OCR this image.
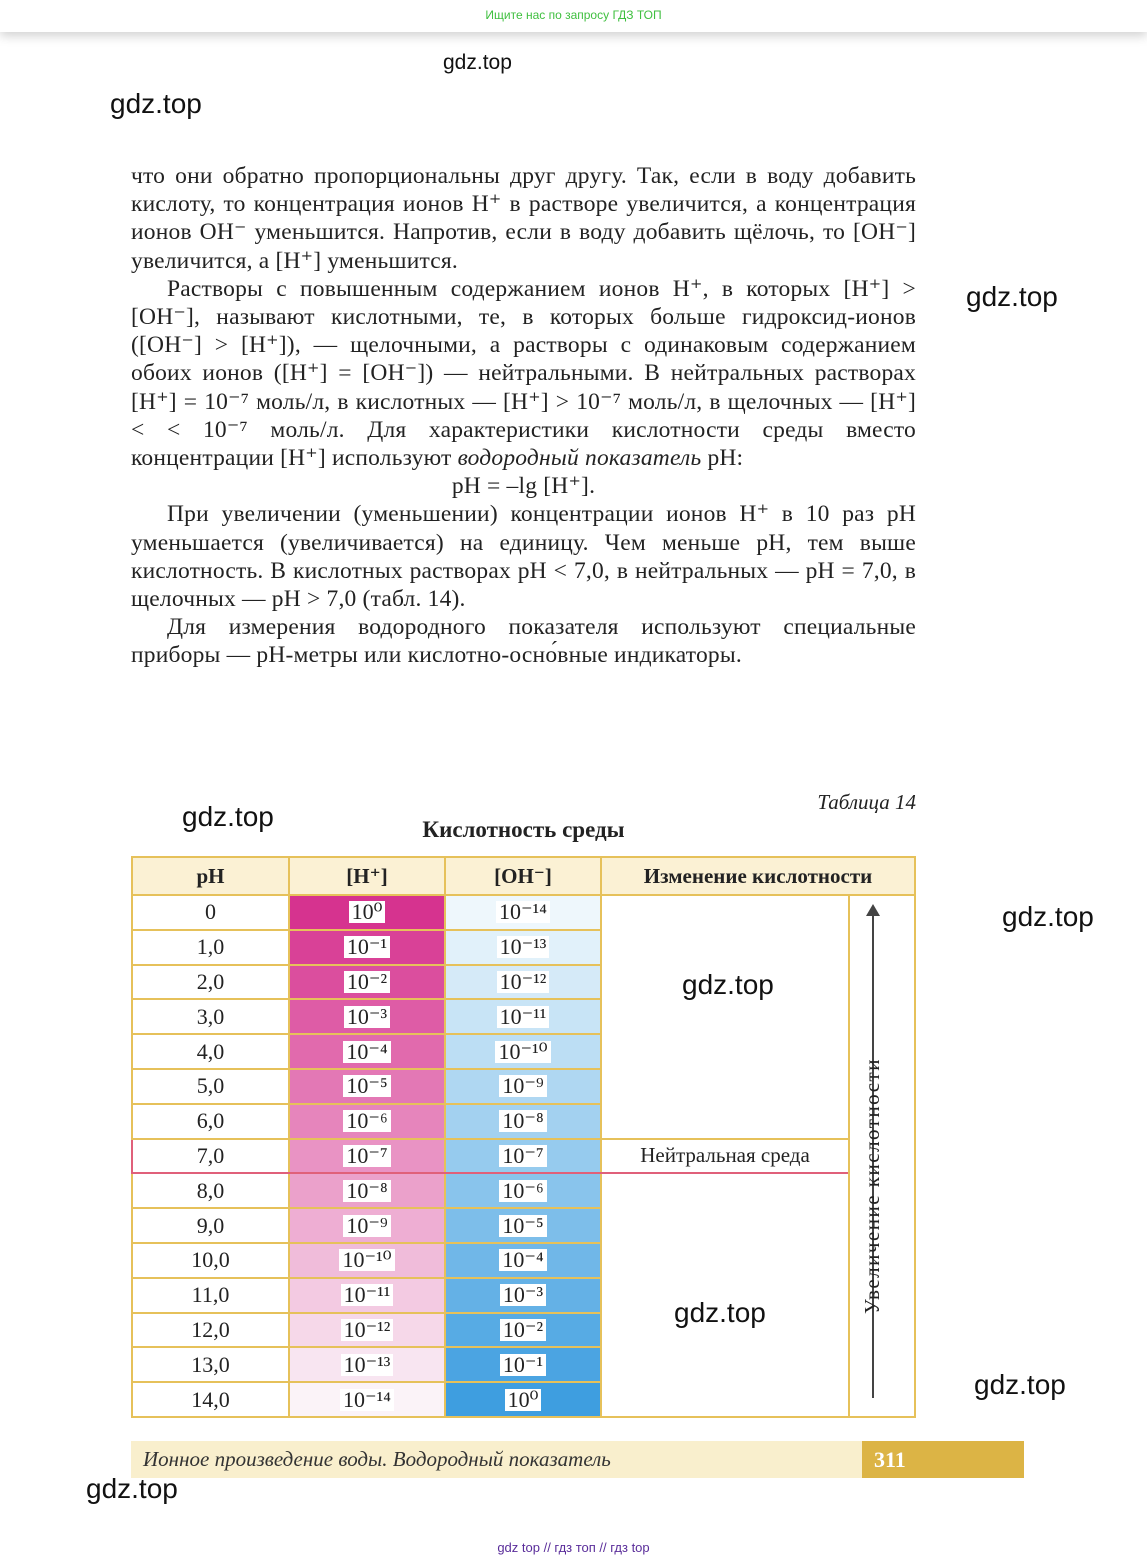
Ищите нас по запросу ГДЗ ТОП
gdz.top
gdz.top
gdz.top
gdz.top
gdz.top
gdz.top
gdz.top
gdz.top
gdz.top

что они обратно пропорциональны друг другу. Так, если в воду добавить кислоту, то концентрация ионов H⁺ в растворе увеличится, а концентрация ионов OH⁻ уменьшится. Напротив, если в воду добавить щёлочь, то [OH⁻] увеличится, а [H⁺] уменьшится.

Растворы с повышенным содержанием ионов H⁺, в которых [H⁺] > [OH⁻], называют кислотными, те, в которых больше гидроксид-ионов ([OH⁻] > [H⁺]), — щелочными, а растворы с одинаковым содержанием обоих ионов ([H⁺] = [OH⁻]) — нейтральными. В нейтральных растворах [H⁺] = 10⁻⁷ моль/л, в кислотных — [H⁺] > 10⁻⁷ моль/л, в щелочных — [H⁺] < < 10⁻⁷ моль/л. Для характеристики кислотности среды вместо концентрации [H⁺] используют водородный показатель pH:

pH = –lg [H⁺].

При увеличении (уменьшении) концентрации ионов H⁺ в 10 раз pH уменьшается (увеличивается) на единицу. Чем меньше pH, тем выше кислотность. В кислотных растворах pH < 7,0, в нейтральных — pH = 7,0, в щелочных — pH > 7,0 (табл. 14).

Для измерения водородного показателя используют специальные приборы — pH-метры или кислотно-осно́вные индикаторы.

Таблица 14
Кислотность среды
pH	[H⁺]	[OH⁻]	Изменение кислотности	
0	10⁰	10⁻¹⁴		Увеличение кислотности

1,0	10⁻¹	10⁻¹³		
2,0	10⁻²	10⁻¹²		
3,0	10⁻³	10⁻¹¹		
4,0	10⁻⁴	10⁻¹⁰		
5,0	10⁻⁵	10⁻⁹		
6,0	10⁻⁶	10⁻⁸		
7,0	10⁻⁷	10⁻⁷	Нейтральная среда	
8,0	10⁻⁸	10⁻⁶		
9,0	10⁻⁹	10⁻⁵		
10,0	10⁻¹⁰	10⁻⁴		
11,0	10⁻¹¹	10⁻³		
12,0	10⁻¹²	10⁻²		
13,0	10⁻¹³	10⁻¹		
14,0	10⁻¹⁴	10⁰		
Ионное произведение воды. Водородный показатель	311
gdz top // гдз топ // гдз top
